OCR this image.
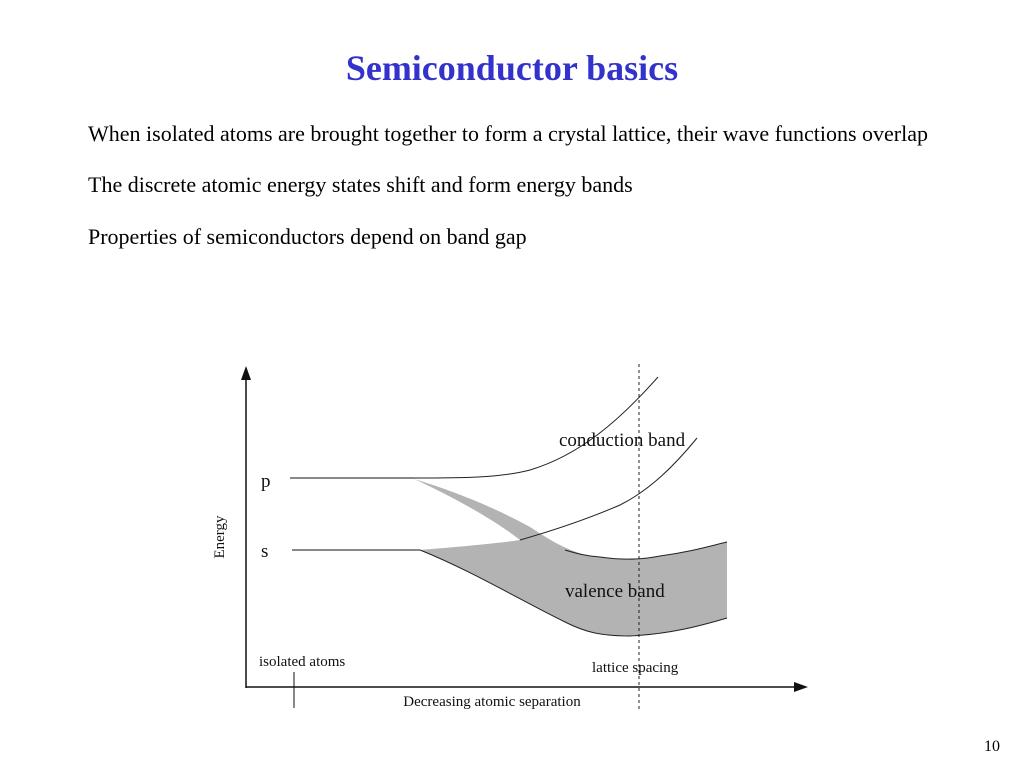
Semiconductor basics

When isolated atoms are brought together to form a crystal lattice, their wave functions overlap

The discrete atomic energy states shift and form energy bands

Properties of semiconductors depend on band gap

Energy
p
s
conduction band
valence band
isolated atoms	lattice spacing
Decreasing atomic separation
10
